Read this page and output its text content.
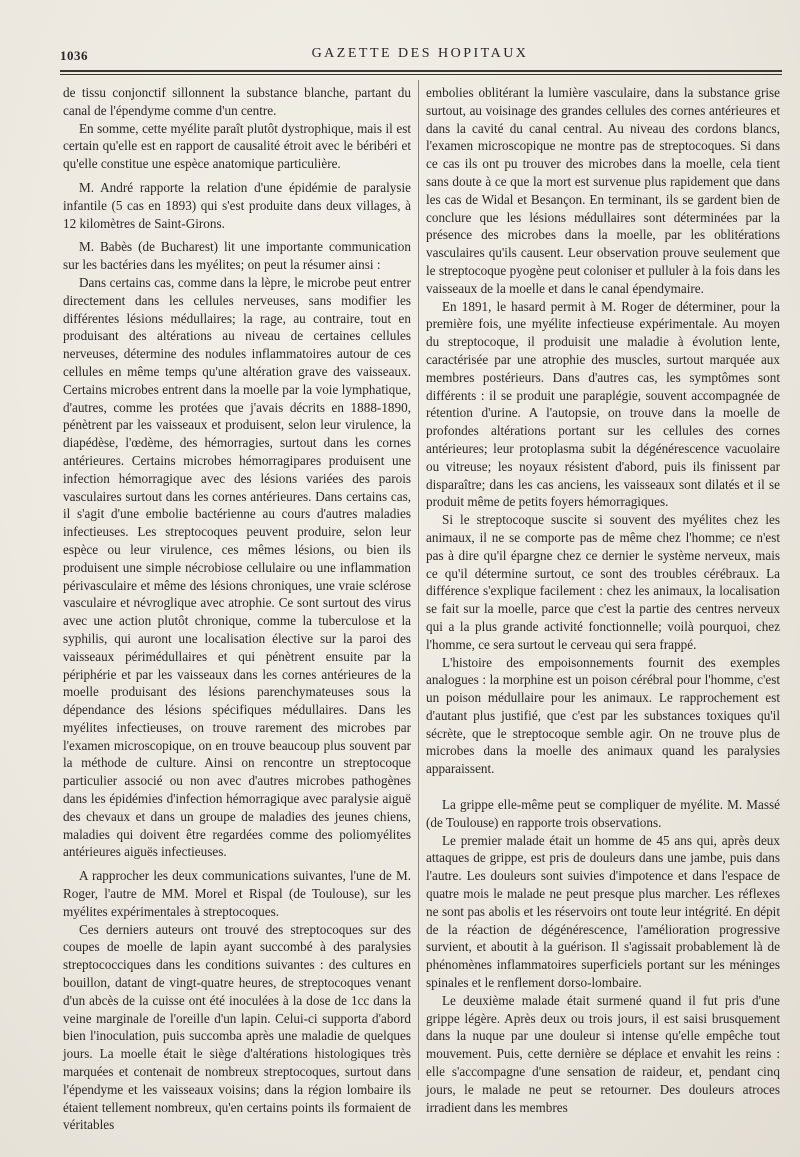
1036	GAZETTE DES HOPITAUX

de tissu conjonctif sillonnent la substance blanche, partant du canal de l'épendyme comme d'un centre.

En somme, cette myélite paraît plutôt dystrophique, mais il est certain qu'elle est en rapport de causalité étroit avec le béribéri et qu'elle constitue une espèce anatomique particulière.

M. André rapporte la relation d'une épidémie de paralysie infantile (5 cas en 1893) qui s'est produite dans deux villages, à 12 kilomètres de Saint-Girons.

M. Babès (de Bucharest) lit une importante communication sur les bactéries dans les myélites; on peut la résumer ainsi :

Dans certains cas, comme dans la lèpre, le microbe peut entrer directement dans les cellules nerveuses, sans modifier les différentes lésions médullaires; la rage, au contraire, tout en produisant des altérations au niveau de certaines cellules nerveuses, détermine des nodules inflammatoires autour de ces cellules en même temps qu'une altération grave des vaisseaux. Certains microbes entrent dans la moelle par la voie lymphatique, d'autres, comme les protées que j'avais décrits en 1888-1890, pénètrent par les vaisseaux et produisent, selon leur virulence, la diapédèse, l'œdème, des hémorragies, surtout dans les cornes antérieures. Certains microbes hémorragipares produisent une infection hémorragique avec des lésions variées des parois vasculaires surtout dans les cornes antérieures. Dans certains cas, il s'agit d'une embolie bactérienne au cours d'autres maladies infectieuses. Les streptocoques peuvent produire, selon leur espèce ou leur virulence, ces mêmes lésions, ou bien ils produisent une simple nécrobiose cellulaire ou une inflammation périvasculaire et même des lésions chroniques, une vraie sclérose vasculaire et névroglique avec atrophie. Ce sont surtout des virus avec une action plutôt chronique, comme la tuberculose et la syphilis, qui auront une localisation élective sur la paroi des vaisseaux périmédullaires et qui pénètrent ensuite par la périphérie et par les vaisseaux dans les cornes antérieures de la moelle produisant des lésions parenchymateuses sous la dépendance des lésions spécifiques médullaires. Dans les myélites infectieuses, on trouve rarement des microbes par l'examen microscopique, on en trouve beaucoup plus souvent par la méthode de culture. Ainsi on rencontre un streptocoque particulier associé ou non avec d'autres microbes pathogènes dans les épidémies d'infection hémorragique avec paralysie aiguë des chevaux et dans un groupe de maladies des jeunes chiens, maladies qui doivent être regardées comme des poliomyélites antérieures aiguës infectieuses.

A rapprocher les deux communications suivantes, l'une de M. Roger, l'autre de MM. Morel et Rispal (de Toulouse), sur les myélites expérimentales à streptocoques.

Ces derniers auteurs ont trouvé des streptocoques sur des coupes de moelle de lapin ayant succombé à des paralysies streptococciques dans les conditions suivantes : des cultures en bouillon, datant de vingt-quatre heures, de streptocoques venant d'un abcès de la cuisse ont été inoculées à la dose de 1cc dans la veine marginale de l'oreille d'un lapin. Celui-ci supporta d'abord bien l'inoculation, puis succomba après une maladie de quelques jours. La moelle était le siège d'altérations histologiques très marquées et contenait de nombreux streptocoques, surtout dans l'épendyme et les vaisseaux voisins; dans la région lombaire ils étaient tellement nombreux, qu'en certains points ils formaient de véritables

embolies oblitérant la lumière vasculaire, dans la substance grise surtout, au voisinage des grandes cellules des cornes antérieures et dans la cavité du canal central. Au niveau des cordons blancs, l'examen microscopique ne montre pas de streptocoques. Si dans ce cas ils ont pu trouver des microbes dans la moelle, cela tient sans doute à ce que la mort est survenue plus rapidement que dans les cas de Widal et Besançon. En terminant, ils se gardent bien de conclure que les lésions médullaires sont déterminées par la présence des microbes dans la moelle, par les oblitérations vasculaires qu'ils causent. Leur observation prouve seulement que le streptocoque pyogène peut coloniser et pulluler à la fois dans les vaisseaux de la moelle et dans le canal épendymaire.

En 1891, le hasard permit à M. Roger de déterminer, pour la première fois, une myélite infectieuse expérimentale. Au moyen du streptocoque, il produisit une maladie à évolution lente, caractérisée par une atrophie des muscles, surtout marquée aux membres postérieurs. Dans d'autres cas, les symptômes sont différents : il se produit une paraplégie, souvent accompagnée de rétention d'urine. A l'autopsie, on trouve dans la moelle de profondes altérations portant sur les cellules des cornes antérieures; leur protoplasma subit la dégénérescence vacuolaire ou vitreuse; les noyaux résistent d'abord, puis ils finissent par disparaître; dans les cas anciens, les vaisseaux sont dilatés et il se produit même de petits foyers hémorragiques.

Si le streptocoque suscite si souvent des myélites chez les animaux, il ne se comporte pas de même chez l'homme; ce n'est pas à dire qu'il épargne chez ce dernier le système nerveux, mais ce qu'il détermine surtout, ce sont des troubles cérébraux. La différence s'explique facilement : chez les animaux, la localisation se fait sur la moelle, parce que c'est la partie des centres nerveux qui a la plus grande activité fonctionnelle; voilà pourquoi, chez l'homme, ce sera surtout le cerveau qui sera frappé.

L'histoire des empoisonnements fournit des exemples analogues : la morphine est un poison cérébral pour l'homme, c'est un poison médullaire pour les animaux. Le rapprochement est d'autant plus justifié, que c'est par les substances toxiques qu'il sécrète, que le streptocoque semble agir. On ne trouve plus de microbes dans la moelle des animaux quand les paralysies apparaissent.

La grippe elle-même peut se compliquer de myélite. M. Massé (de Toulouse) en rapporte trois observations.

Le premier malade était un homme de 45 ans qui, après deux attaques de grippe, est pris de douleurs dans une jambe, puis dans l'autre. Les douleurs sont suivies d'impotence et dans l'espace de quatre mois le malade ne peut presque plus marcher. Les réflexes ne sont pas abolis et les réservoirs ont toute leur intégrité. En dépit de la réaction de dégénérescence, l'amélioration progressive survient, et aboutit à la guérison. Il s'agissait probablement là de phénomènes inflammatoires superficiels portant sur les méninges spinales et le renflement dorso-lombaire.

Le deuxième malade était surmené quand il fut pris d'une grippe légère. Après deux ou trois jours, il est saisi brusquement dans la nuque par une douleur si intense qu'elle empêche tout mouvement. Puis, cette dernière se déplace et envahit les reins : elle s'accompagne d'une sensation de raideur, et, pendant cinq jours, le malade ne peut se retourner. Des douleurs atroces irradient dans les membres
